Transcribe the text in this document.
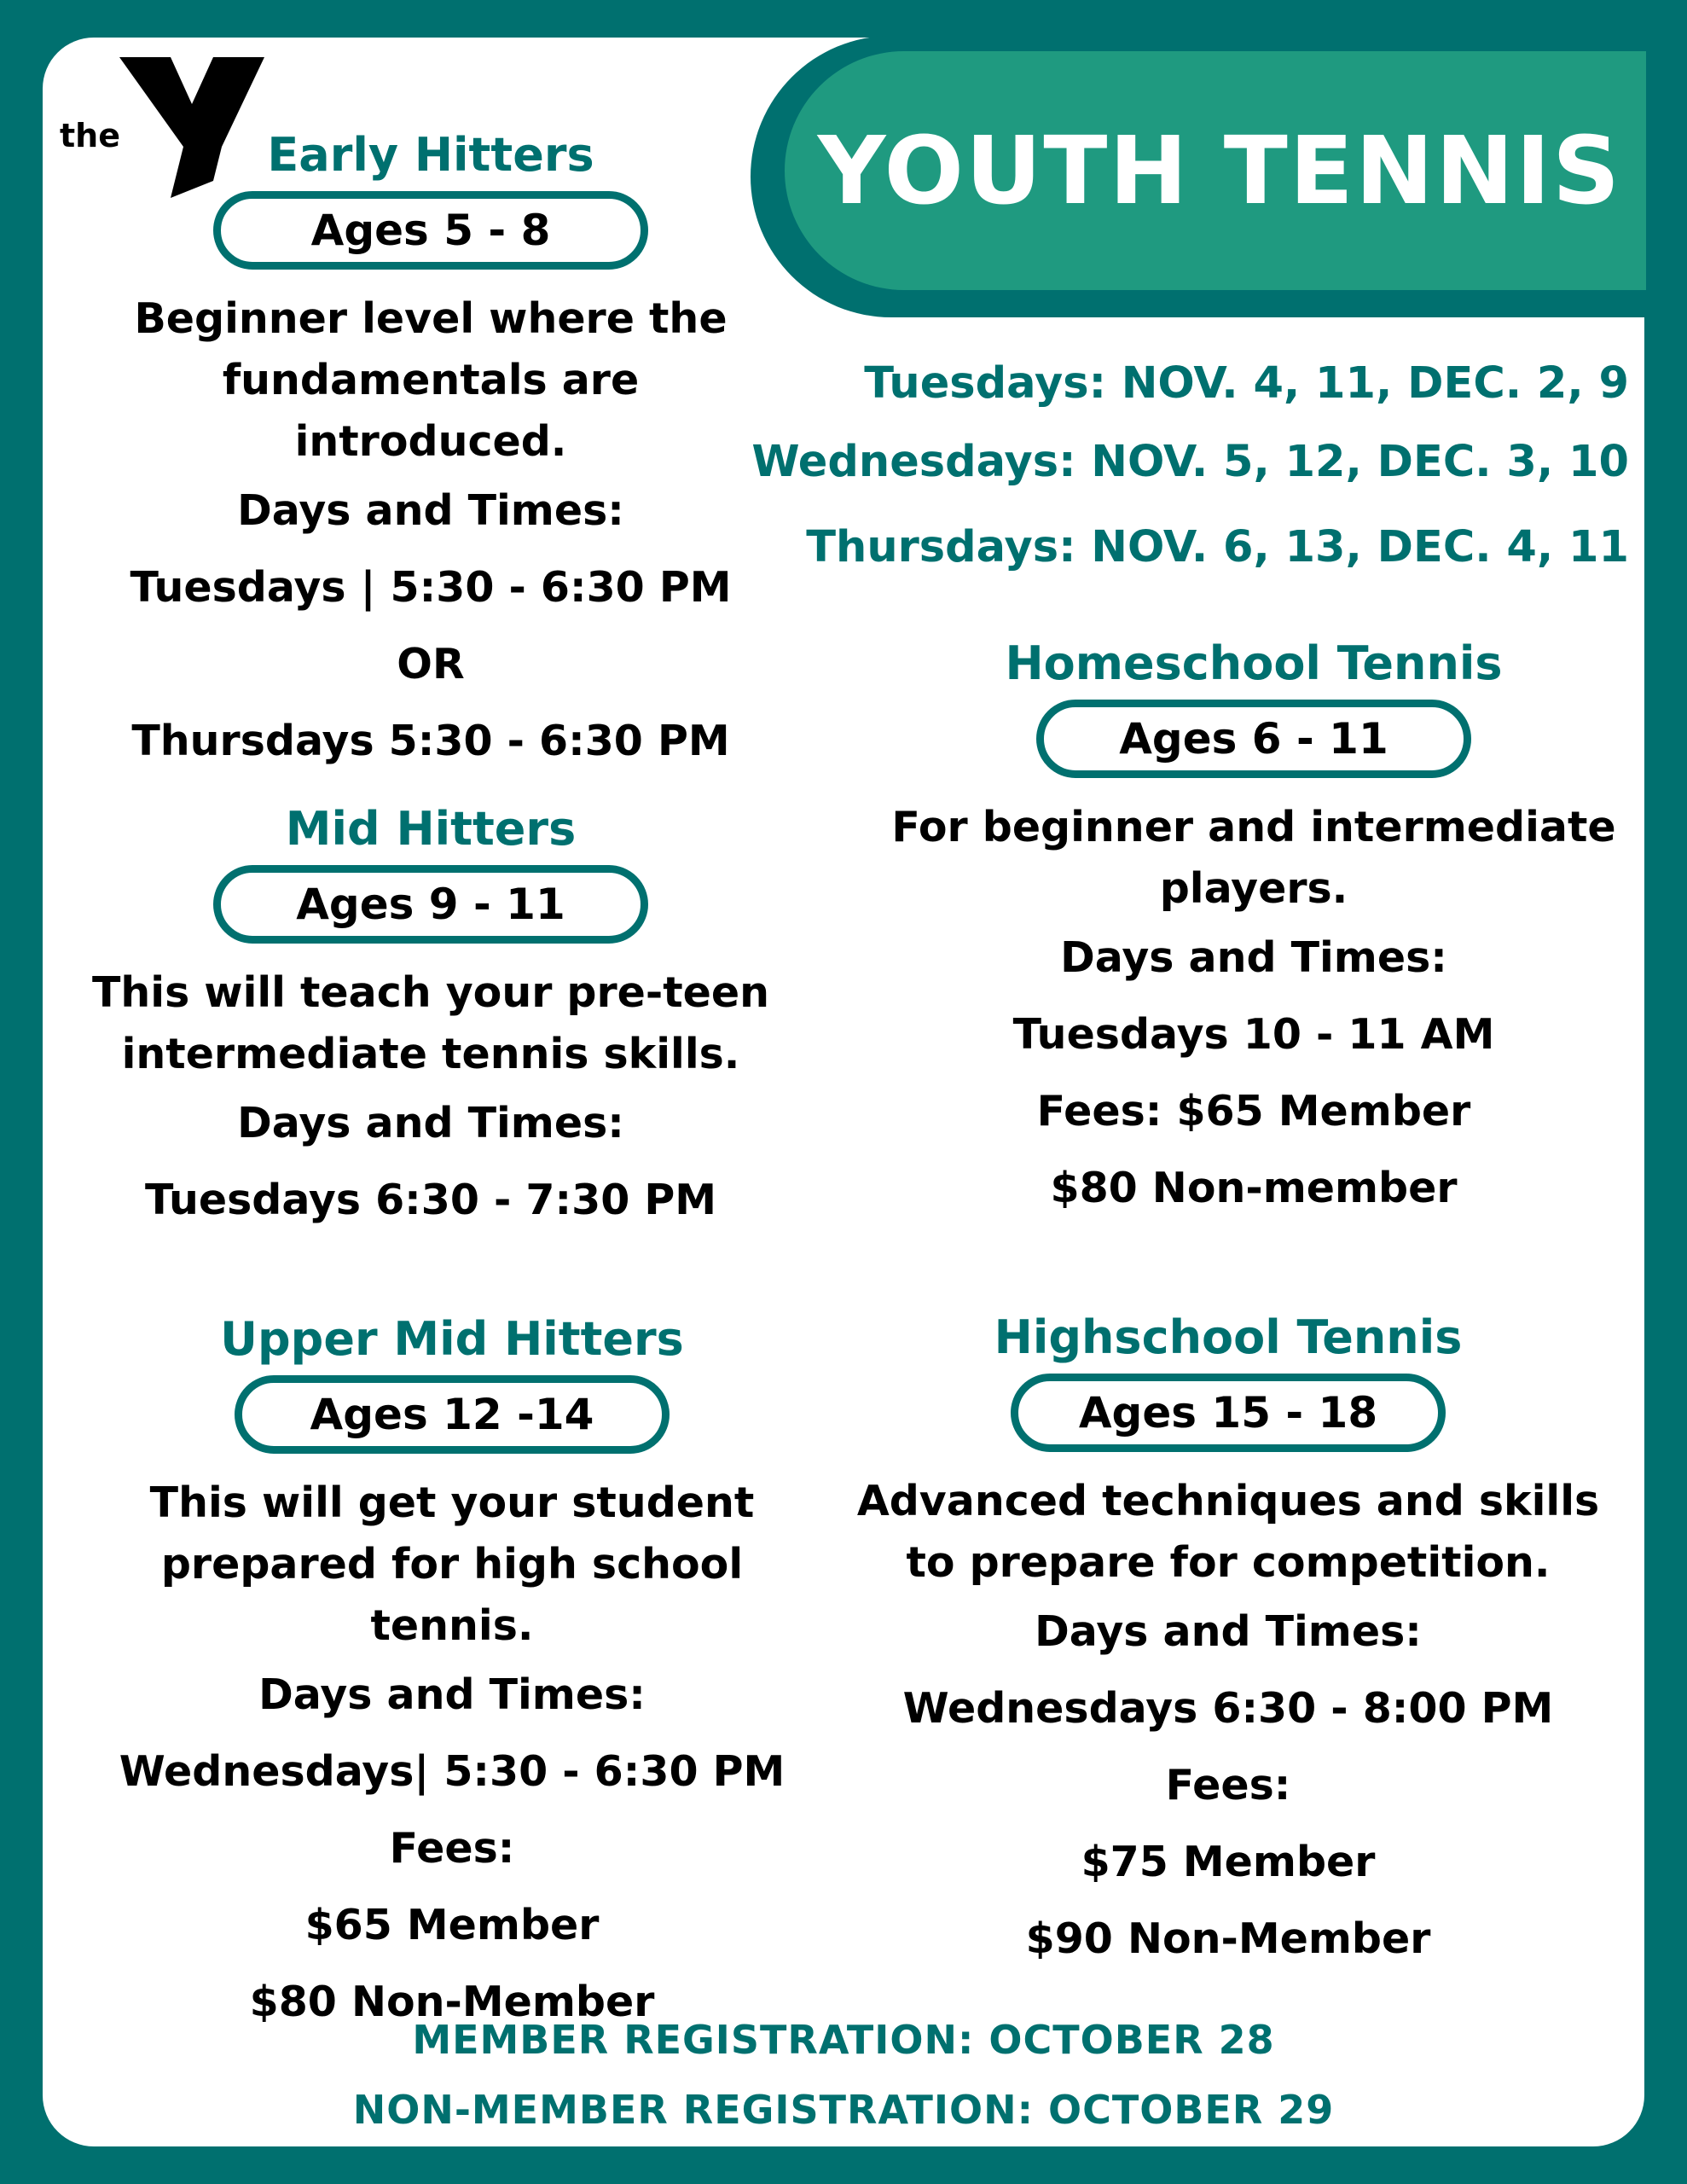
YOUTH TENNIS
the
YMCA

Tuesdays: NOV. 4, 11, DEC. 2, 9

Wednesdays: NOV. 5, 12, DEC. 3, 10

Thursdays: NOV. 6, 13, DEC. 4, 11

Early Hitters
Ages 5 - 8

Beginner level where the

fundamentals are introduced.

Days and Times:

Tuesdays | 5:30 - 6:30 PM

OR

Thursdays 5:30 - 6:30 PM

Mid Hitters
Ages 9 - 11

This will teach your pre-teen

intermediate tennis skills.

Days and Times:

Tuesdays 6:30 - 7:30 PM

Upper Mid Hitters
Ages 12 -14

This will get your student

prepared for high school tennis.

Days and Times:

Wednesdays| 5:30 - 6:30 PM

Fees:

$65 Member

$80 Non-Member

Homeschool Tennis
Ages 6 - 11

For beginner and intermediate

players.

Days and Times:

Tuesdays 10 - 11 AM

Fees: $65 Member

$80 Non-member

Highschool Tennis
Ages 15 - 18

Advanced techniques and skills

to prepare for competition.

Days and Times:

Wednesdays 6:30 - 8:00 PM

Fees:

$75 Member

$90 Non-Member

MEMBER REGISTRATION: OCTOBER 28

NON-MEMBER REGISTRATION: OCTOBER 29
